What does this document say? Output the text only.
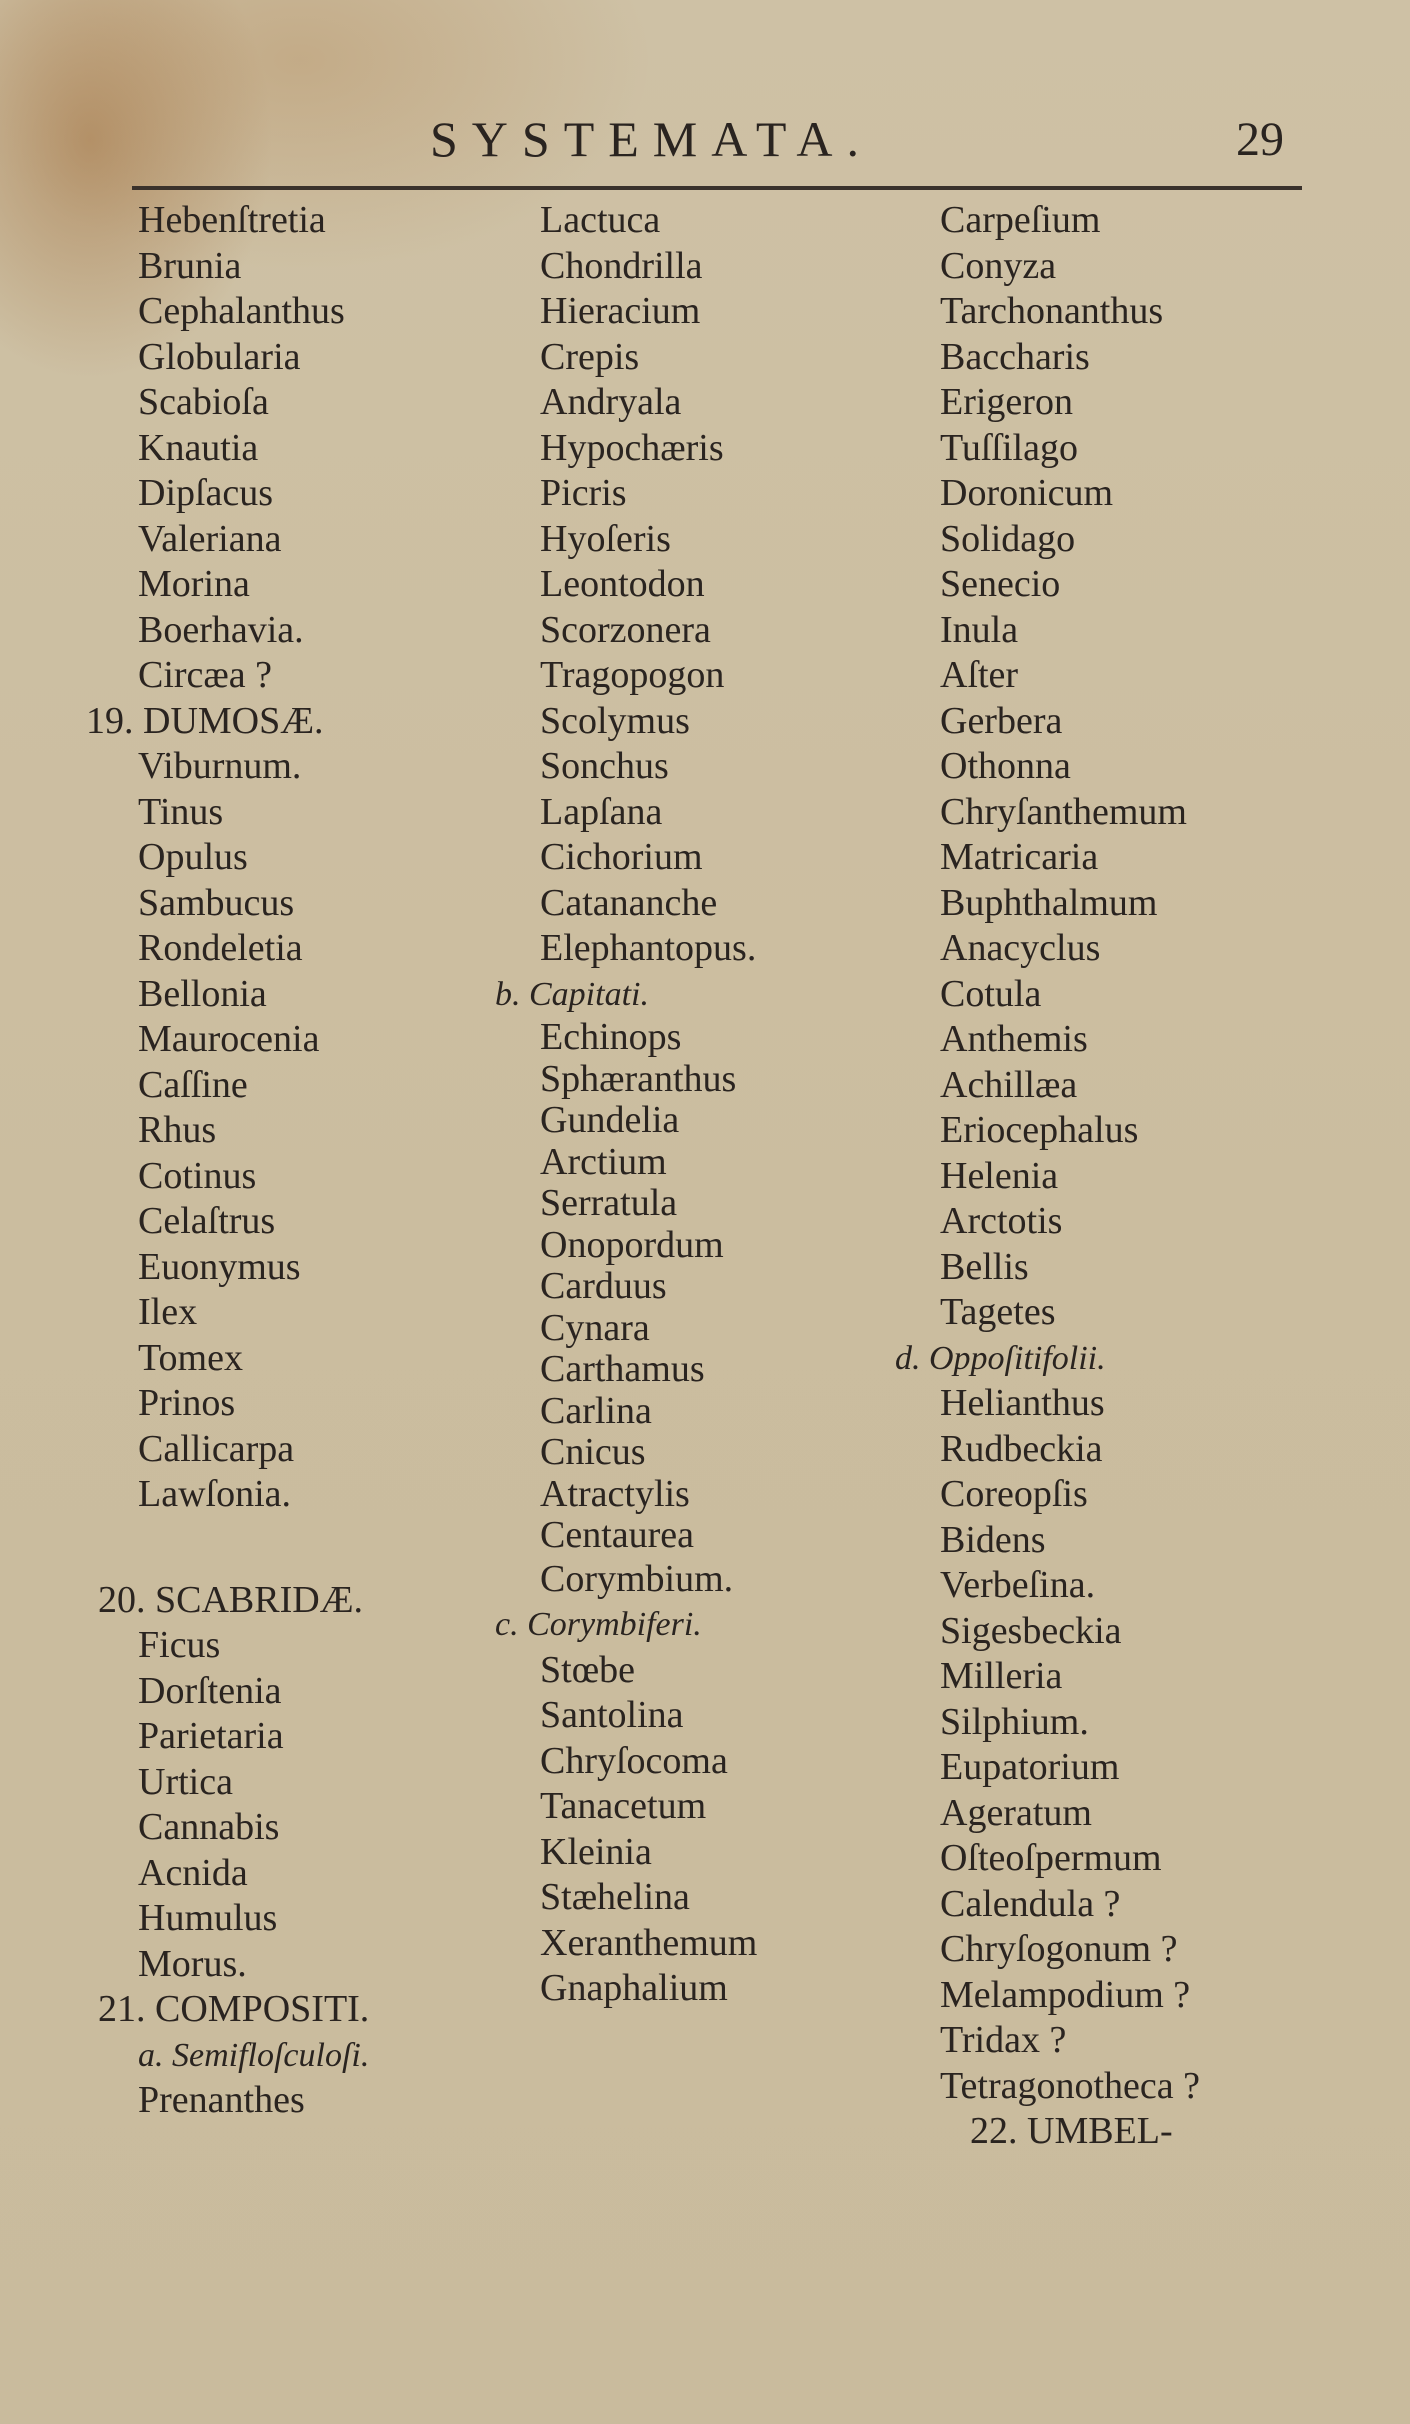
SYSTEMATA.	29
Hebenſtretia
Brunia
Cephalanthus
Globularia
Scabioſa
Knautia
Dipſacus
Valeriana
Morina
Boerhavia.
Circæa ?
19. DUMOSÆ.
Viburnum.
Tinus
Opulus
Sambucus
Rondeletia
Bellonia
Maurocenia
Caſſine
Rhus
Cotinus
Celaſtrus
Euonymus
Ilex
Tomex
Prinos
Callicarpa
Lawſonia.
20. SCABRIDÆ.
Ficus
Dorſtenia
Parietaria
Urtica
Cannabis
Acnida
Humulus
Morus.
21. COMPOSITI.
a. Semifloſculoſi.
Prenanthes
Lactuca
Chondrilla
Hieracium
Crepis
Andryala
Hypochæris
Picris
Hyoſeris
Leontodon
Scorzonera
Tragopogon
Scolymus
Sonchus
Lapſana
Cichorium
Catananche
Elephantopus.
b. Capitati.
Echinops
Sphæranthus
Gundelia
Arctium
Serratula
Onopordum
Carduus
Cynara
Carthamus
Carlina
Cnicus
Atractylis
Centaurea
Corymbium.
c. Corymbiferi.
Stœbe
Santolina
Chryſocoma
Tanacetum
Kleinia
Stæhelina
Xeranthemum
Gnaphalium
Carpeſium
Conyza
Tarchonanthus
Baccharis
Erigeron
Tuſſilago
Doronicum
Solidago
Senecio
Inula
Aſter
Gerbera
Othonna
Chryſanthemum
Matricaria
Buphthalmum
Anacyclus
Cotula
Anthemis
Achillæa
Eriocephalus
Helenia
Arctotis
Bellis
Tagetes
d. Oppoſitifolii.
Helianthus
Rudbeckia
Coreopſis
Bidens
Verbeſina.
Sigesbeckia
Milleria
Silphium.
Eupatorium
Ageratum
Oſteoſpermum
Calendula ?
Chryſogonum ?
Melampodium ?
Tridax ?
Tetragonotheca ?
22. UMBEL-
